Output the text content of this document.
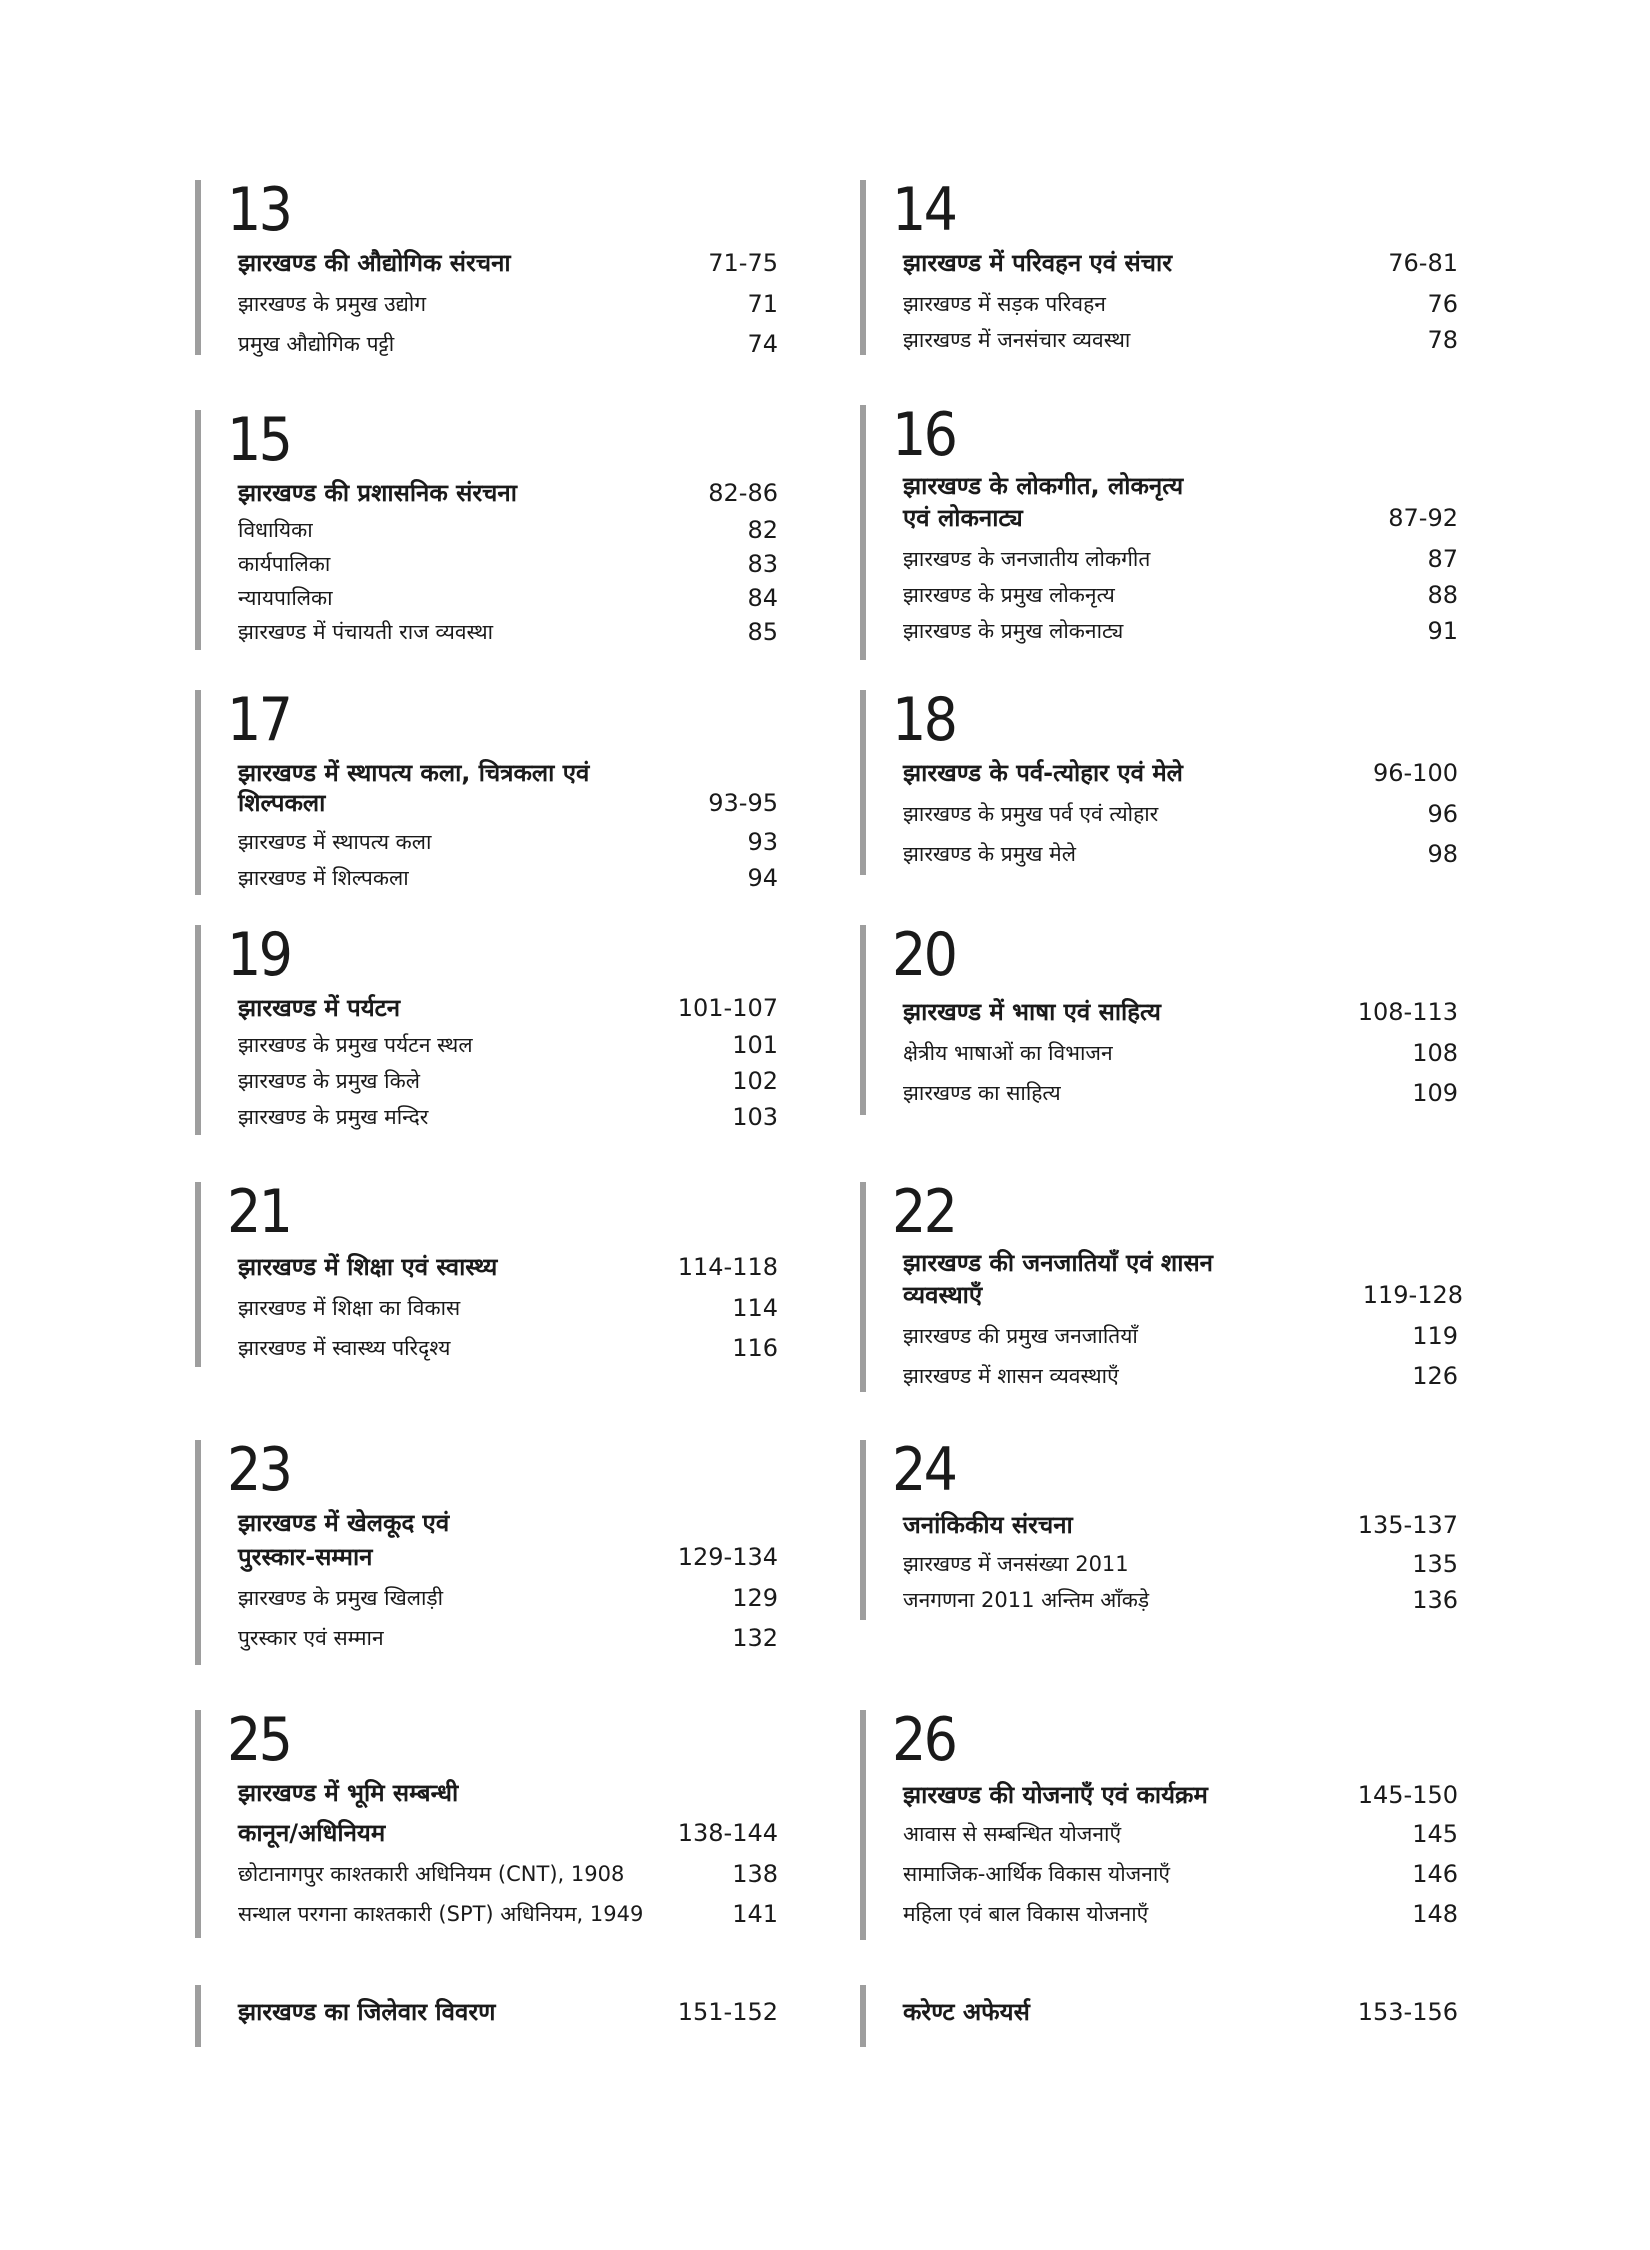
13
झारखण्ड की औद्योगिक संरचना	71-75
झारखण्ड के प्रमुख उद्योग	71
प्रमुख औद्योगिक पट्टी	74
15
झारखण्ड की प्रशासनिक संरचना	82-86
विधायिका	82
कार्यपालिका	83
न्यायपालिका	84
झारखण्ड में पंचायती राज व्यवस्था	85
17
झारखण्ड में स्थापत्य कला, चित्रकला एवं
शिल्पकला	93-95
झारखण्ड में स्थापत्य कला	93
झारखण्ड में शिल्पकला	94
19
झारखण्ड में पर्यटन	101-107
झारखण्ड के प्रमुख पर्यटन स्थल	101
झारखण्ड के प्रमुख किले	102
झारखण्ड के प्रमुख मन्दिर	103
21
झारखण्ड में शिक्षा एवं स्वास्थ्य	114-118
झारखण्ड में शिक्षा का विकास	114
झारखण्ड में स्वास्थ्य परिदृश्य	116
23
झारखण्ड में खेलकूद एवं
पुरस्कार-सम्मान	129-134
झारखण्ड के प्रमुख खिलाड़ी	129
पुरस्कार एवं सम्मान	132
25
झारखण्ड में भूमि सम्बन्धी
कानून/अधिनियम	138-144
छोटानागपुर काश्तकारी अधिनियम (CNT), 1908	138
सन्थाल परगना काश्तकारी (SPT) अधिनियम, 1949	141
झारखण्ड का जिलेवार विवरण	151-152
14
झारखण्ड में परिवहन एवं संचार	76-81
झारखण्ड में सड़क परिवहन	76
झारखण्ड में जनसंचार व्यवस्था	78
16
झारखण्ड के लोकगीत, लोकनृत्य
एवं लोकनाट्य	87-92
झारखण्ड के जनजातीय लोकगीत	87
झारखण्ड के प्रमुख लोकनृत्य	88
झारखण्ड के प्रमुख लोकनाट्य	91
18
झारखण्ड के पर्व-त्योहार एवं मेले	96-100
झारखण्ड के प्रमुख पर्व एवं त्योहार	96
झारखण्ड के प्रमुख मेले	98
20
झारखण्ड में भाषा एवं साहित्य	108-113
क्षेत्रीय भाषाओं का विभाजन	108
झारखण्ड का साहित्य	109
22
झारखण्ड की जनजातियाँ एवं शासन
व्यवस्थाएँ	119-128
झारखण्ड की प्रमुख जनजातियाँ	119
झारखण्ड में शासन व्यवस्थाएँ	126
24
जनांकिकीय संरचना	135-137
झारखण्ड में जनसंख्या 2011	135
जनगणना 2011 अन्तिम आँकड़े	136
26
झारखण्ड की योजनाएँ एवं कार्यक्रम	145-150
आवास से सम्बन्धित योजनाएँ	145
सामाजिक-आर्थिक विकास योजनाएँ	146
महिला एवं बाल विकास योजनाएँ	148
करेण्ट अफेयर्स	153-156
